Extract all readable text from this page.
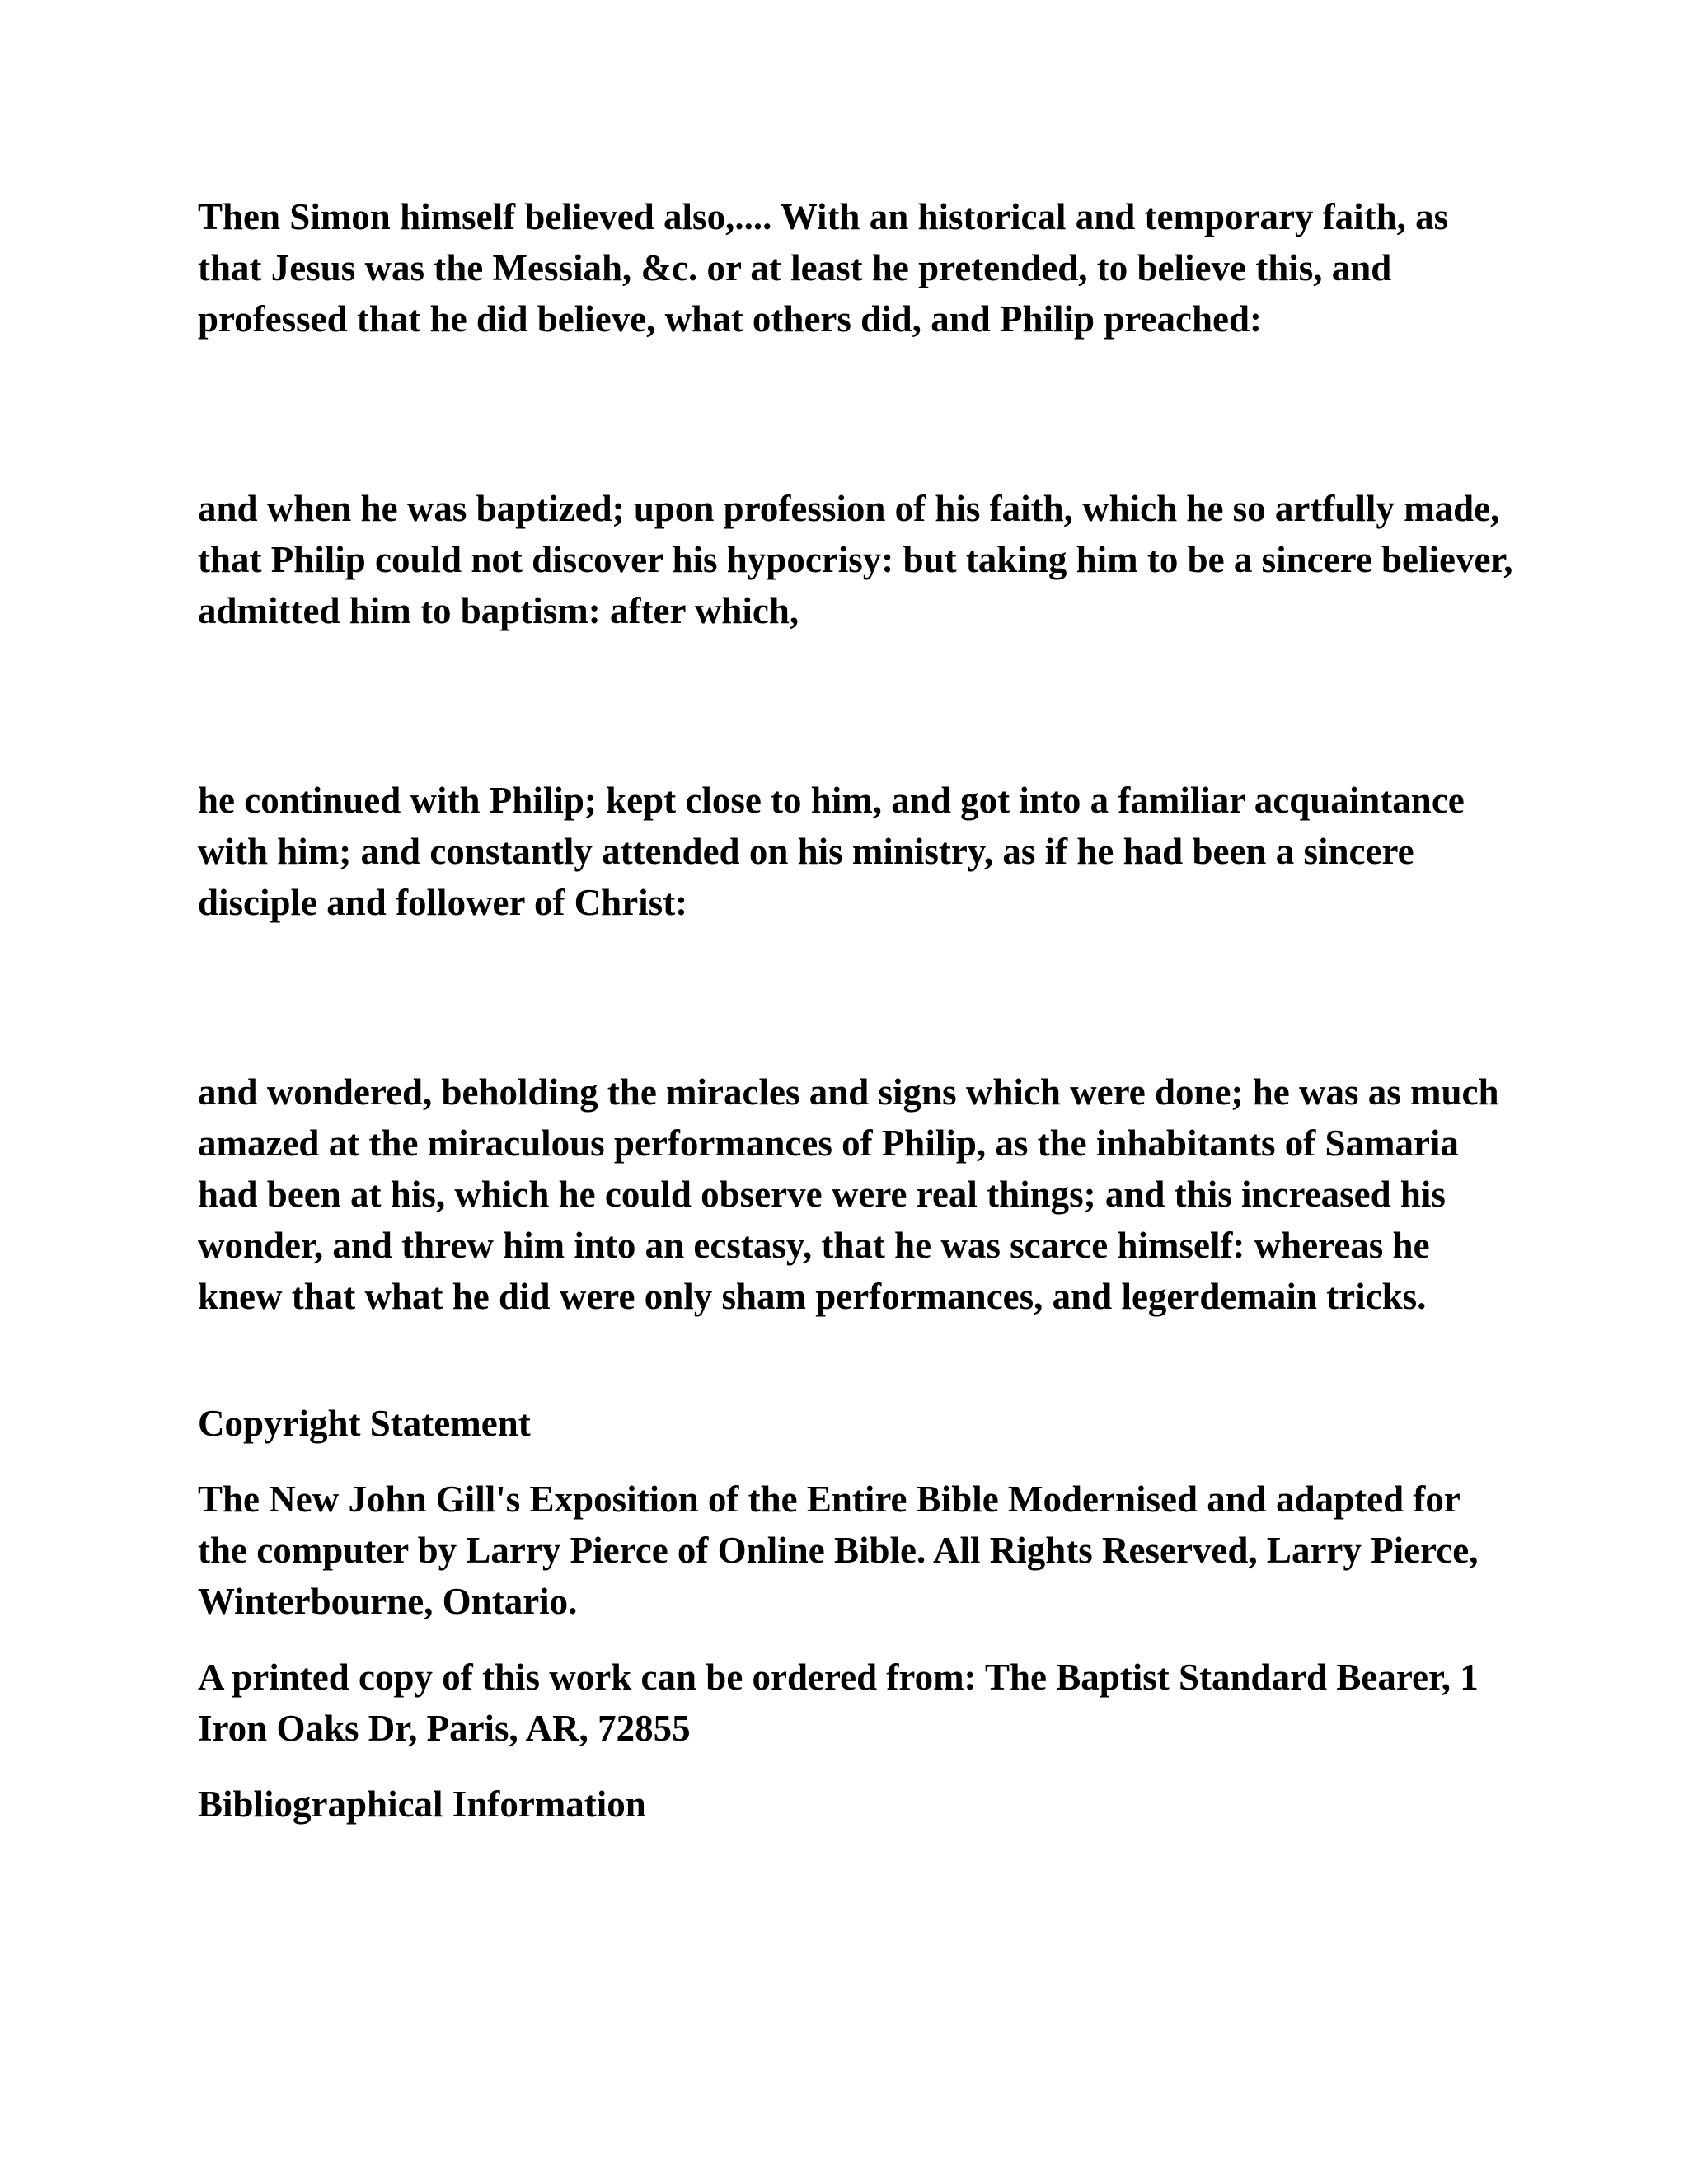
Then Simon himself believed also,.... With an historical and temporary faith, as that Jesus was the Messiah, &c. or at least he pretended, to believe this, and professed that he did believe, what others did, and Philip preached:

and when he was baptized; upon profession of his faith, which he so artfully made, that Philip could not discover his hypocrisy: but taking him to be a sincere believer, admitted him to baptism: after which,

he continued with Philip; kept close to him, and got into a familiar acquaintance with him; and constantly attended on his ministry, as if he had been a sincere disciple and follower of Christ:

and wondered, beholding the miracles and signs which were done; he was as much amazed at the miraculous performances of Philip, as the inhabitants of Samaria had been at his, which he could observe were real things; and this increased his wonder, and threw him into an ecstasy, that he was scarce himself: whereas he knew that what he did were only sham performances, and legerdemain tricks.

Copyright Statement

The New John Gill's Exposition of the Entire Bible Modernised and adapted for the computer by Larry Pierce of Online Bible. All Rights Reserved, Larry Pierce, Winterbourne, Ontario.

A printed copy of this work can be ordered from: The Baptist Standard Bearer, 1 Iron Oaks Dr, Paris, AR, 72855

Bibliographical Information
